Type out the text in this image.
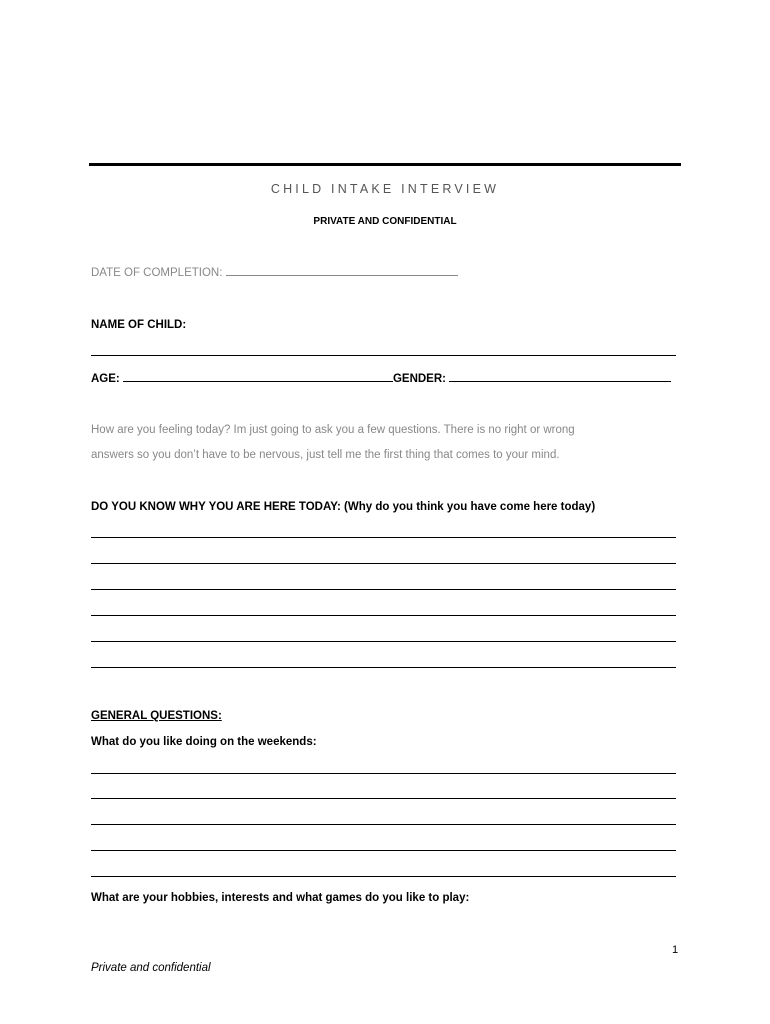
CHILD INTAKE INTERVIEW
PRIVATE AND CONFIDENTIAL
DATE OF COMPLETION:
NAME OF CHILD:
AGE:	GENDER:
How are you feeling today? Im just going to ask you a few questions. There is no right or wrong
answers so you don’t have to be nervous, just tell me the first thing that comes to your mind.
DO YOU KNOW WHY YOU ARE HERE TODAY: (Why do you think you have come here today)
GENERAL QUESTIONS:
What do you like doing on the weekends:
What are your hobbies, interests and what games do you like to play:
1
Private and confidential
